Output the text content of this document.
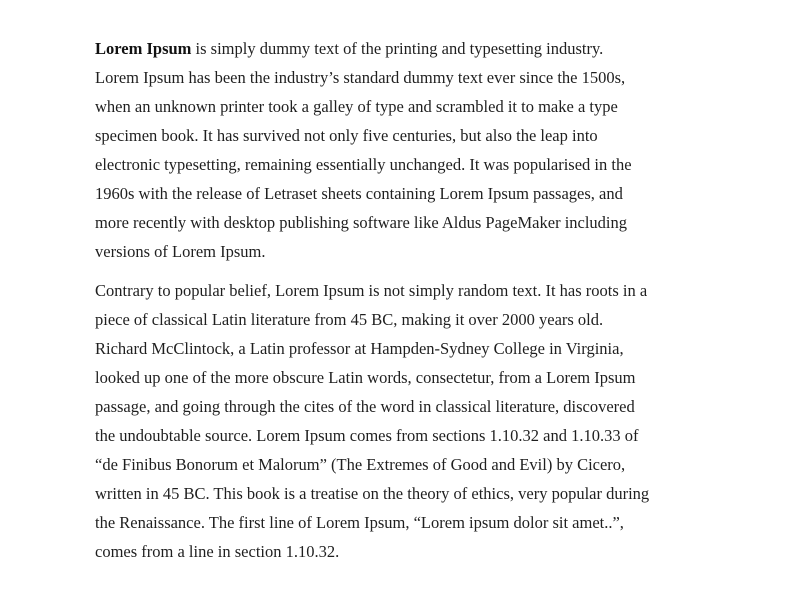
Lorem Ipsum is simply dummy text of the printing and typesetting industry.
Lorem Ipsum has been the industry’s standard dummy text ever since the 1500s, when an unknown printer took a galley of type and scrambled it to make a type specimen book. It has survived not only five centuries, but also the leap into electronic typesetting, remaining essentially unchanged. It was popularised in the 1960s with the release of Letraset sheets containing Lorem Ipsum passages, and more recently with desktop publishing software like Aldus PageMaker including versions of Lorem Ipsum.

Contrary to popular belief, Lorem Ipsum is not simply random text. It has roots in a piece of classical Latin literature from 45 BC, making it over 2000 years old. Richard McClintock, a Latin professor at Hampden-Sydney College in Virginia, looked up one of the more obscure Latin words, consectetur, from a Lorem Ipsum passage, and going through the cites of the word in classical literature, discovered the undoubtable source. Lorem Ipsum comes from sections 1.10.32 and 1.10.33 of “de Finibus Bonorum et Malorum” (The Extremes of Good and Evil) by Cicero, written in 45 BC. This book is a treatise on the theory of ethics, very popular during the Renaissance. The first line of Lorem Ipsum, “Lorem ipsum dolor sit amet..”, comes from a line in section 1.10.32.
